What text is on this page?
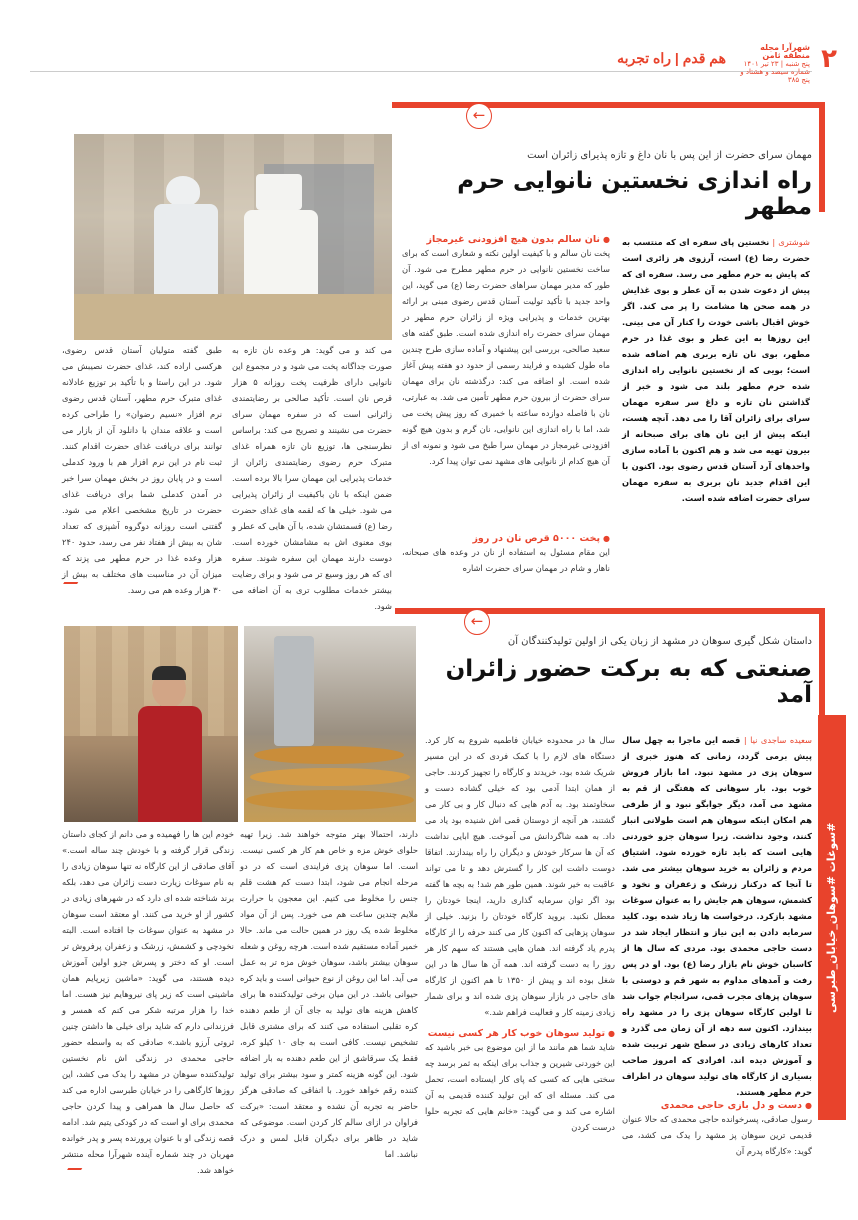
۲
شهرآرا مجله منطقه ثامن
پنج شنبه | ۲۳ تیر ۱۴۰۱
شماره سیصد و هشتاد و پنج ۳۸۵
هم قدم | راه تجربه
←
مهمان سرای حضرت از این پس با نان داغ و تازه پذیرای زائران است
راه اندازی نخستین نانوایی حرم مطهر
شوشتری | نخستین پای سفره ای که منتسب به حضرت رضا (ع) است، آرزوی هر زائری است که پایش به حرم مطهر می رسد. سفره ای که پیش از دعوت شدن به آن عطر و بوی غذایش در همه صحن ها مشامت را پر می کند. اگر خوش اقبال باشی خودت را کنار آن می بینی. این روزها به این عطر و بوی غذا در حرم مطهر، بوی نان تازه بربری هم اضافه شده است؛ بویی که از نخستین نانوایی راه اندازی شده حرم مطهر بلند می شود و خبر از گذاشتن نان تازه و داغ سر سفره مهمان سرای برای زائران آقا را می دهد. آنچه هست، اینکه پیش از این نان های برای صبحانه از بیرون تهیه می شد و هم اکنون با آماده سازی واحدهای آرد آستان قدس رضوی بود. اکنون با این اقدام جدید نان بربری به سفره مهمان سرای حضرت اضافه شده است.
● نان سالم بدون هیچ افزودنی غیرمجاز
پخت نان سالم و با کیفیت اولین نکته و شعاری است که برای ساخت نخستین نانوایی در حرم مطهر مطرح می شود. آن طور که مدیر مهمان سراهای حضرت رضا (ع) می گوید، این واحد جدید با تأکید تولیت آستان قدس رضوی مبنی بر ارائه بهترین خدمات و پذیرایی ویژه از زائران حرم مطهر در مهمان سرای حضرت راه اندازی شده است. طبق گفته های سعید صالحی، بررسی این پیشنهاد و آماده سازی طرح چندین ماه طول کشیده و فرایند رسمی از حدود دو هفته پیش آغاز شده است. او اضافه می کند: درگذشته نان برای مهمان سرای حضرت از بیرون حرم مطهر تأمین می شد. به عبارتی، نان با فاصله دوازده ساعته با خمیری که روز پیش پخت می شد، اما با راه اندازی این نانوایی، نان گرم و بدون هیچ گونه افزودنی غیرمجاز در مهمان سرا طبخ می شود و نمونه ای از آن هیچ کدام از نانوایی های مشهد نمی توان پیدا کرد.
● پخت ۵۰۰۰ قرص نان در روز
این مقام مسئول به استفاده از نان در وعده های صبحانه، ناهار و شام در مهمان سرای حضرت اشاره
می کند و می گوید: هر وعده نان تازه به صورت جداگانه پخت می شود و در مجموع این نانوایی دارای ظرفیت پخت روزانه ۵ هزار قرص نان است. تأکید صالحی بر رضایتمندی زائرانی است که در سفره مهمان سرای حضرت می نشینند و تصریح می کند: براساس نظرسنجی ها، توزیع نان تازه همراه غذای متبرک حرم رضوی رضایتمندی زائران از خدمات پذیرایی این مهمان سرا بالا برده است. ضمن اینکه با نان باکیفیت از زائران پذیرایی می شود. خیلی ها که لقمه های غذای حضرت رضا (ع) قسمتشان شده، با آن هایی که عطر و بوی معنوی اش به مشامشان خورده است. دوست دارند مهمان این سفره شوند. سفره ای که هر روز وسیع تر می شود و برای رضایت بیشتر خدمات مطلوب تری به آن اضافه می شود.
طبق گفته متولیان آستان قدس رضوی، هرکسی اراده کند، غذای حضرت نصیبش می شود. در این راستا و با تأکید بر توزیع عادلانه غذای متبرک حرم مطهر، آستان قدس رضوی نرم افزار «نسیم رضوان» را طراحی کرده است و علاقه مندان با دانلود آن از بازار می توانند برای دریافت غذای حضرت اقدام کنند. ثبت نام در این نرم افزار هم با ورود کدملی است و در پایان روز در بخش مهمان سرا خبر در آمدن کدملی شما برای دریافت غذای حضرت در تاریخ مشخصی اعلام می شود. گفتنی است روزانه دوگروه آشپزی که تعداد شان به بیش از هفتاد نفر می رسد، حدود ۲۴۰ هزار وعده غذا در حرم مطهر می پزند که میزان آن در مناسبت های مختلف به بیش از ۳۰ هزار وعده هم می رسد.
←
داستان شکل گیری سوهان در مشهد از زبان یکی از اولین تولیدکنندگان آن
صنعتی که به برکت حضور زائران آمد
سعیده ساجدی نیا | قصه این ماجرا به چهل سال پیش برمی گردد، زمانی که هنوز خبری از سوهان پزی در مشهد نبود. اما بازار فروش خوب بود. بار سوهانی که هفتگی از قم به مشهد می آمد، دیگر جوابگو نبود و از طرفی هم امکان اینکه سوهان هم است طولانی انبار کنند، وجود نداشت. زیرا سوهان جزو خوردنی هایی است که باید تازه خورده شود. اشتیاق مردم و زائران به خرید سوهان بیشتر می شد. تا آنجا که درکنار زرشک و زعفران و نخود و کشمش، سوهان هم جایش را به عنوان سوغات مشهد بازکرد. درخواست ها زیاد شده بود. کلید سرمایه دادن به این نیاز و انتظار ایجاد شد در دست حاجی محمدی بود. مردی که سال ها از کاسبان خوش نام بازار رضا (ع) بود. او در پس رفت و آمدهای مداوم به شهر قم و دوستی با سوهان پزهای مجرب قمی، سرانجام جواب شد تا اولین کارگاه سوهان پزی را در مشهد راه بیندازد. اکنون سه دهه از آن زمان می گذرد و تعداد کارهای زیادی در سطح شهر تربیت شده و آموزش دیده اند. افرادی که امروز صاحب بسیاری از کارگاه های تولید سوهان در اطراف حرم مطهر هستند.
● دست و دل بازی حاجی محمدی
رسول صادقی، پسرخوانده حاجی محمدی که حالا عنوان قدیمی ترین سوهان پز مشهد را یدک می کشد، می گوید: «کارگاه پدرم آن
سال ها در محدوده خیابان فاطمیه شروع به کار کرد. دستگاه های لازم را با کمک فردی که در این مسیر شریک شده بود، خریدند و کارگاه را تجهیز کردند. حاجی از همان ابتدا آدمی بود که خیلی گشاده دست و سخاوتمند بود. به آدم هایی که دنبال کار و بی کار می گشتند، هر آنچه از دوستان قمی اش شنیده بود یاد می داد. به همه شاگردانش می آموخت. هیچ ابایی نداشت که آن ها سرکار خودش و دیگران را راه بیندازند. اتفاقا دوست داشت این کار را گسترش دهد و تا می تواند عاقبت به خیر شوند. همین طور هم شد! به بچه ها گفته بود اگر توان سرمایه گذاری دارید، اینجا خودتان را معطل نکنید. بروید کارگاه خودتان را بزنید. خیلی از سوهان پزهایی که اکنون کار می کنند حرفه را از کارگاه پدرم یاد گرفته اند. همان هایی هستند که سهم کار هر روز را به دست گرفته اند. همه آن ها سال ها در این شغل بوده اند و پیش از ۱۳۵۰ تا هم اکنون از کارگاه های حاجی در بازار سوهان پزی شده اند و برای شمار زیادی زمینه کار و فعالیت فراهم شد.»
● تولید سوهان خوب کار هر کسی نیست
شاید شما هم مانند ما از این موضوع بی خبر باشید که این خوردنی شیرین و جذاب برای اینکه به ثمر برسد چه سختی هایی که کسی که پای کار ایستاده است، تحمل می کند. مسئله ای که این تولید کننده قدیمی به آن اشاره می کند و می گوید: «خانم هایی که تجربه حلوا درست کردن
دارند، احتمالا بهتر متوجه خواهند شد. زیرا تهیه حلوای خوش مزه و خاص هم کار هر کسی نیست. است. اما سوهان پزی فرایندی است که در دو مرحله انجام می شود، ابتدا دست کم هشت قلم جنس را مخلوط می کنیم. این معجون با حرارت ملایم چندین ساعت هم می خورد. پس از آن مواد مخلوط شده یک روز در همین حالت می ماند. حالا خمیر آماده مستقیم شده است. هرچه روغن و شعله سوهان بیشتر باشد، سوهان خوش مزه تر به عمل می آید. اما این روغن از نوع حیوانی است و باید کره حیوانی باشد. در این میان برخی تولیدکننده ها برای کاهش هزینه های تولید به جای آن از طعم دهنده کره تقلبی استفاده می کنند که برای مشتری قابل تشخیص نیست. کافی است به جای ۱۰ کیلو کره، فقط یک سرقاشق از این طعم دهنده به بار اضافه شود. این گونه هزینه کمتر و سود بیشتر برای تولید کننده رقم خواهد خورد. با اتفاقی که صادقی هرگز حاضر به تجربه آن نشده و معتقد است: «برکت فراوان در ازای سالم کار کردن است. موضوعی که شاید در ظاهر برای دیگران قابل لمس و درک نباشد. اما
خودم این ها را فهمیده و می دانم از کجای داستان زندگی قرار گرفته و با خودش چند ساله است.» آقای صادقی از این کارگاه نه تنها سوهان زیادی را به نام سوغات زیارت دست زائران می دهد، بلکه برند شناخته شده ای دارد که در شهرهای زیادی در کشور از او خرید می کنند. او معتقد است سوهان در مشهد به عنوان سوغات جا افتاده است. البته نخودچی و کشمش، زرشک و زعفران پرفروش تر است. او که دختر و پسرش جزو اولین آموزش دیده هستند، می گوید: «ماشین زیرپایم همان ماشینی است که زیر پای نیروهایم نیز هست. اما خدا را هزار مرتبه شکر می کنم که همسر و فرزندانی دارم که شاید برای خیلی ها داشتن چنین ثروتی آرزو باشد.» صادقی که به واسطه حضور حاجی محمدی در زندگی اش نام نخستین تولیدکننده سوهان در مشهد را یدک می کشد، این روزها کارگاهی را در خیابان طبرسی اداره می کند که حاصل سال ها همراهی و پیدا کردن حاجی محمدی برای او است که در کودکی یتیم شد. ادامه قصه زندگی او با عنوان پرورنده پسر و پدر خوانده مهربان در چند شماره آینده شهرآرا محله منتشر خواهد شد.
#سوغات #سوهان_خیابان_طبرسی
